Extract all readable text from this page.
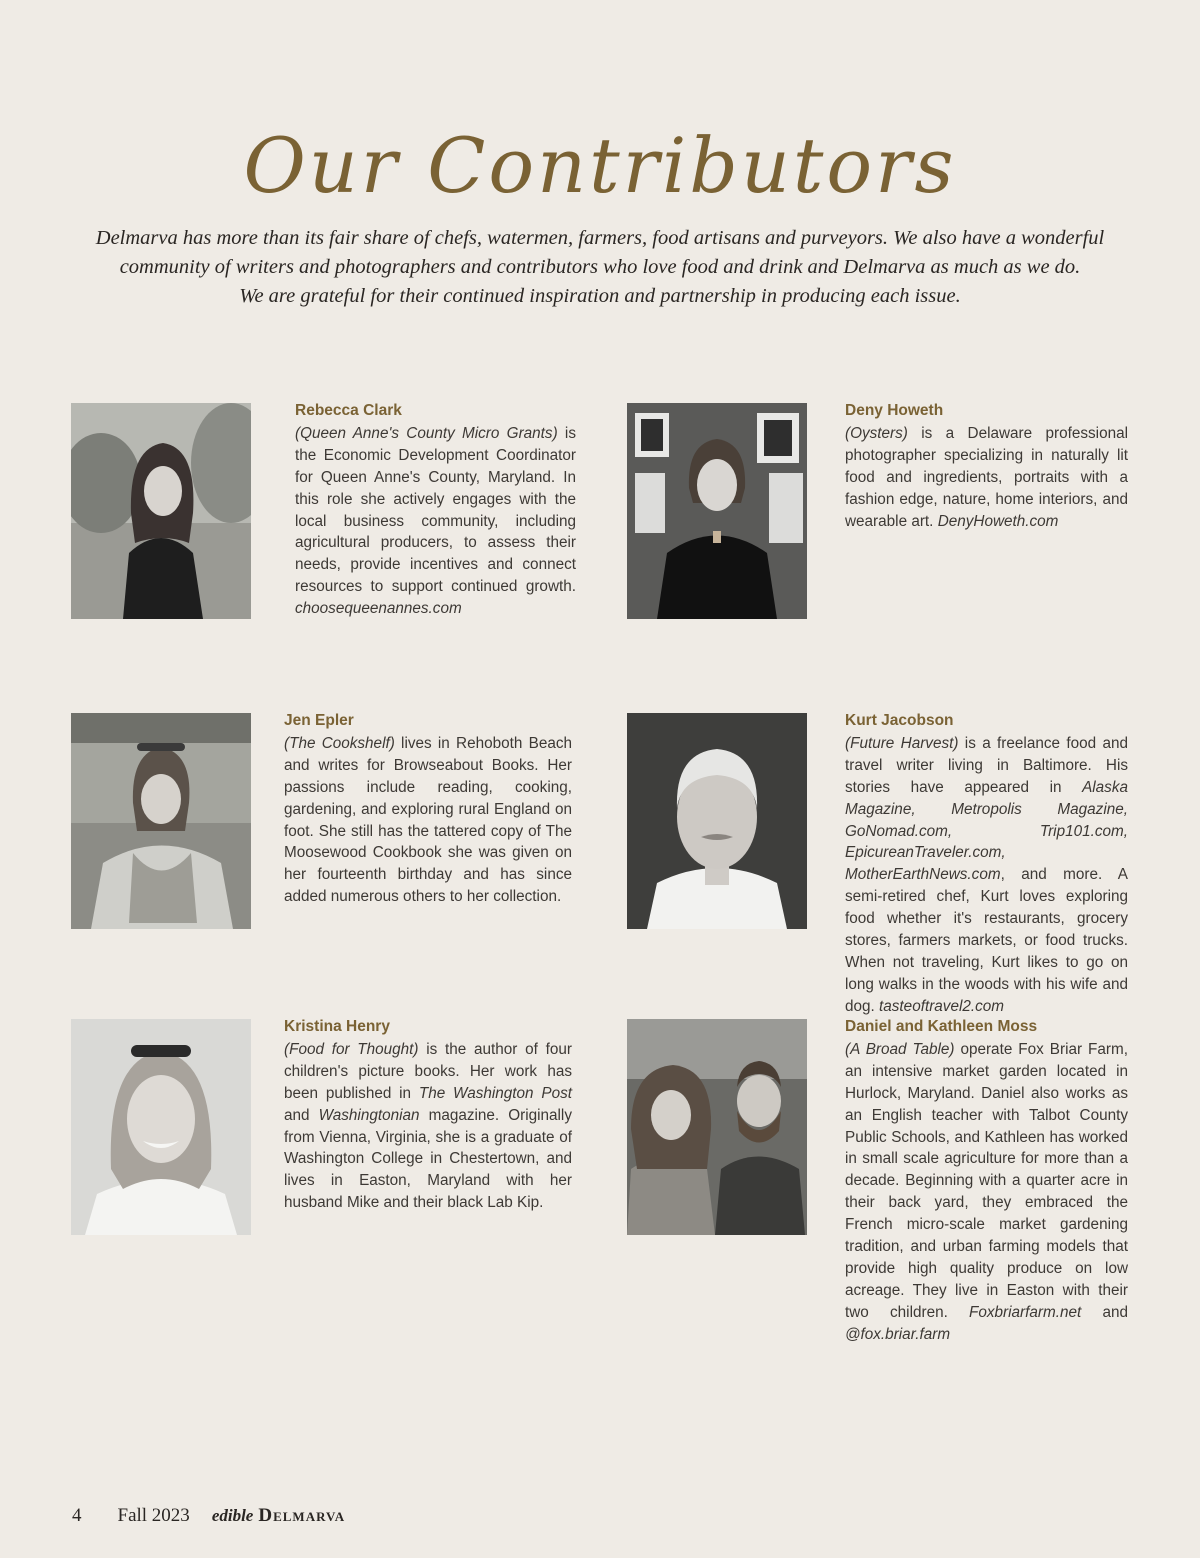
Our Contributors

Delmarva has more than its fair share of chefs, watermen, farmers, food artisans and purveyors. We also have a wonderful

community of writers and photographers and contributors who love food and drink and Delmarva as much as we do.

We are grateful for their continued inspiration and partnership in producing each issue.

Rebecca Clark
(Queen Anne's County Micro Grants) is the Economic Development Coordinator for Queen Anne's County, Maryland. In this role she actively engages with the local business community, including agricultural producers, to assess their needs, provide incentives and connect resources to support continued growth. choosequeenannes.com
Deny Howeth
(Oysters) is a Delaware professional photographer specializing in naturally lit food and ingredients, portraits with a fashion edge, nature, home interiors, and wearable art. DenyHoweth.com
Jen Epler
(The Cookshelf) lives in Rehoboth Beach and writes for Browseabout Books. Her passions include reading, cooking, gardening, and exploring rural England on foot. She still has the tattered copy of The Moosewood Cookbook she was given on her fourteenth birthday and has since added numerous others to her collection.
Kurt Jacobson
(Future Harvest) is a freelance food and travel writer living in Baltimore. His stories have appeared in Alaska Magazine, Metropolis Magazine, GoNomad.com, Trip101.com, EpicureanTraveler.com, MotherEarthNews.com, and more. A semi-retired chef, Kurt loves exploring food whether it's restaurants, grocery stores, farmers markets, or food trucks. When not traveling, Kurt likes to go on long walks in the woods with his wife and dog. tasteoftravel2.com
Kristina Henry
(Food for Thought) is the author of four children's picture books. Her work has been published in The Washington Post and Washingtonian magazine. Originally from Vienna, Virginia, she is a graduate of Washington College in Chestertown, and lives in Easton, Maryland with her husband Mike and their black Lab Kip.
Daniel and Kathleen Moss
(A Broad Table) operate Fox Briar Farm, an intensive market garden located in Hurlock, Maryland. Daniel also works as an English teacher with Talbot County Public Schools, and Kathleen has worked in small scale agriculture for more than a decade. Beginning with a quarter acre in their back yard, they embraced the French micro-scale market gardening tradition, and urban farming models that provide high quality produce on low acreage. They live in Easton with their two children. Foxbriarfarm.net and @fox.briar.farm
4 Fall 2023 edible Delmarva
